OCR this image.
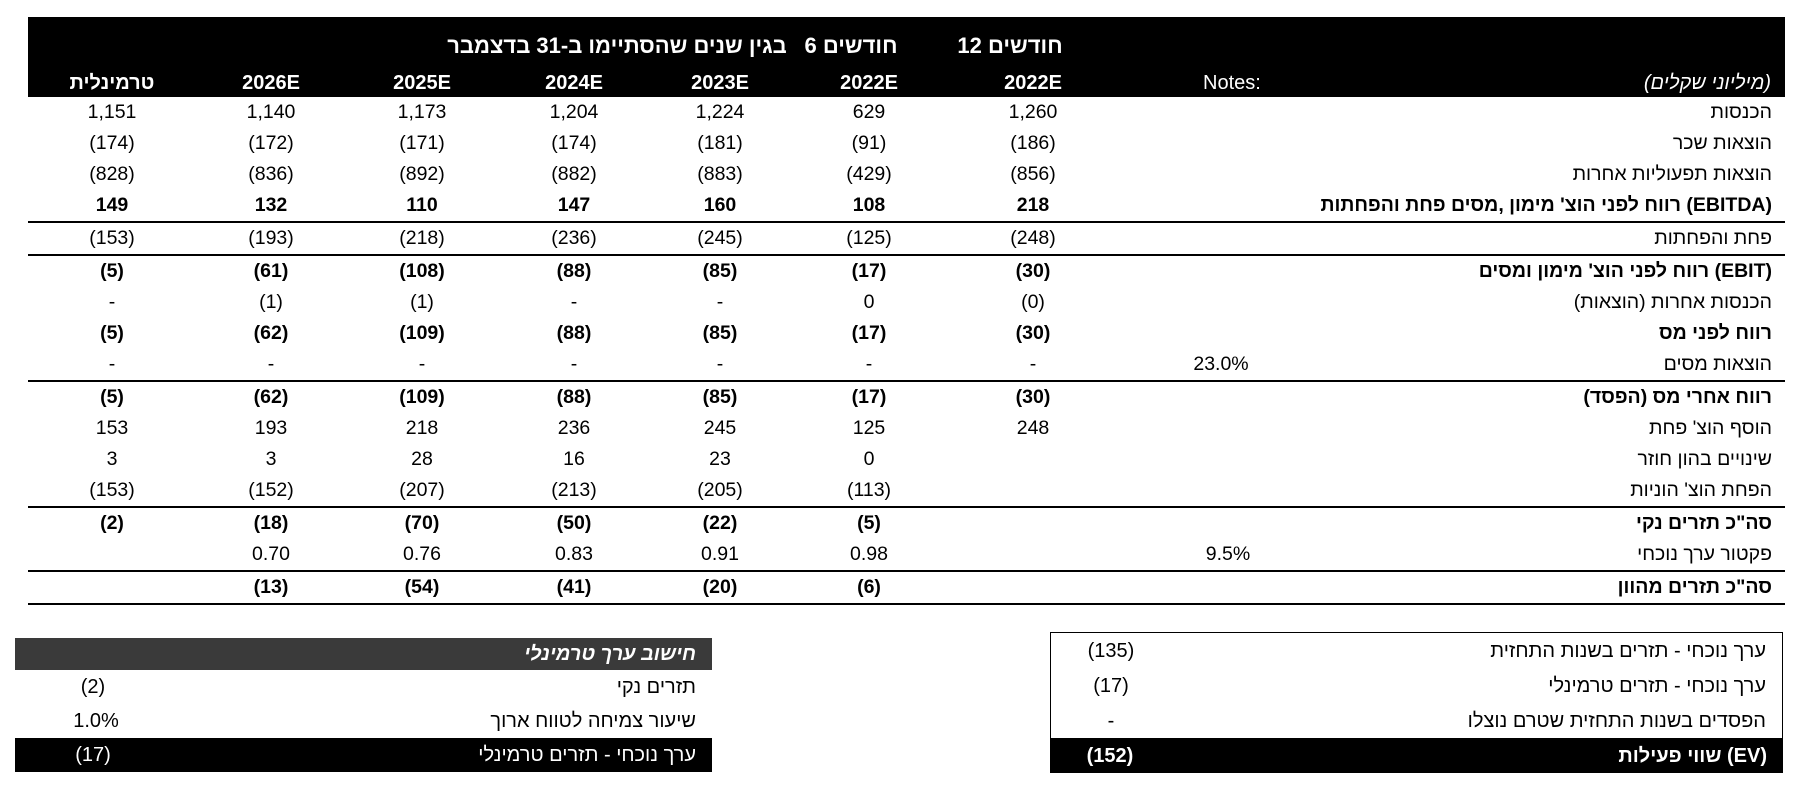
12 חודשים
6 חודשים
בגין שנים שהסתיימו ב-31 בדצמבר
(מיליוני שקלים)
Notes:
2022E
2022E
2023E
2024E
2025E
2026E
טרמינלית
הכנסות
1,260
629
1,224
1,204
1,173
1,140
1,151
הוצאות שכר
(186)
(91)
(181)
(174)
(171)
(172)
(174)
הוצאות תפעוליות אחרות
(856)
(429)
(883)
(882)
(892)
(836)
(828)
רווח לפני הוצ' מימון ,מסים פחת והפחתות (EBITDA)
218
108
160
147
110
132
149
פחת והפחתות
(248)
(125)
(245)
(236)
(218)
(193)
(153)
רווח לפני הוצ' מימון ומסים (EBIT)
(30)
(17)
(85)
(88)
(108)
(61)
(5)
הכנסות אחרות (הוצאות)
(0)
0
-
-
(1)
(1)
-
רווח לפני מס
(30)
(17)
(85)
(88)
(109)
(62)
(5)
הוצאות מסים
23.0%
-
-
-
-
-
-
-
רווח אחרי מס (הפסד)
(30)
(17)
(85)
(88)
(109)
(62)
(5)
הוסף הוצ' פחת
248
125
245
236
218
193
153
שינויים בהון חוזר
0
23
16
28
3
3
הפחת הוצ' הוניות
(113)
(205)
(213)
(207)
(152)
(153)
סה"כ תזרים נקי
(5)
(22)
(50)
(70)
(18)
(2)
פקטור ערך נוכחי
9.5%
0.98
0.91
0.83
0.76
0.70
סה"כ תזרים מהוון
(6)
(20)
(41)
(54)
(13)
חישוב ערך טרמינלי
תזרים נקי
(2)
שיעור צמיחה לטווח ארוך
1.0%
ערך נוכחי - תזרים טרמינלי
(17)
ערך נוכחי - תזרים בשנות התחזית
(135)
ערך נוכחי - תזרים טרמינלי
(17)
הפסדים בשנות התחזית שטרם נוצלו
-
שווי פעילות (EV)
(152)
